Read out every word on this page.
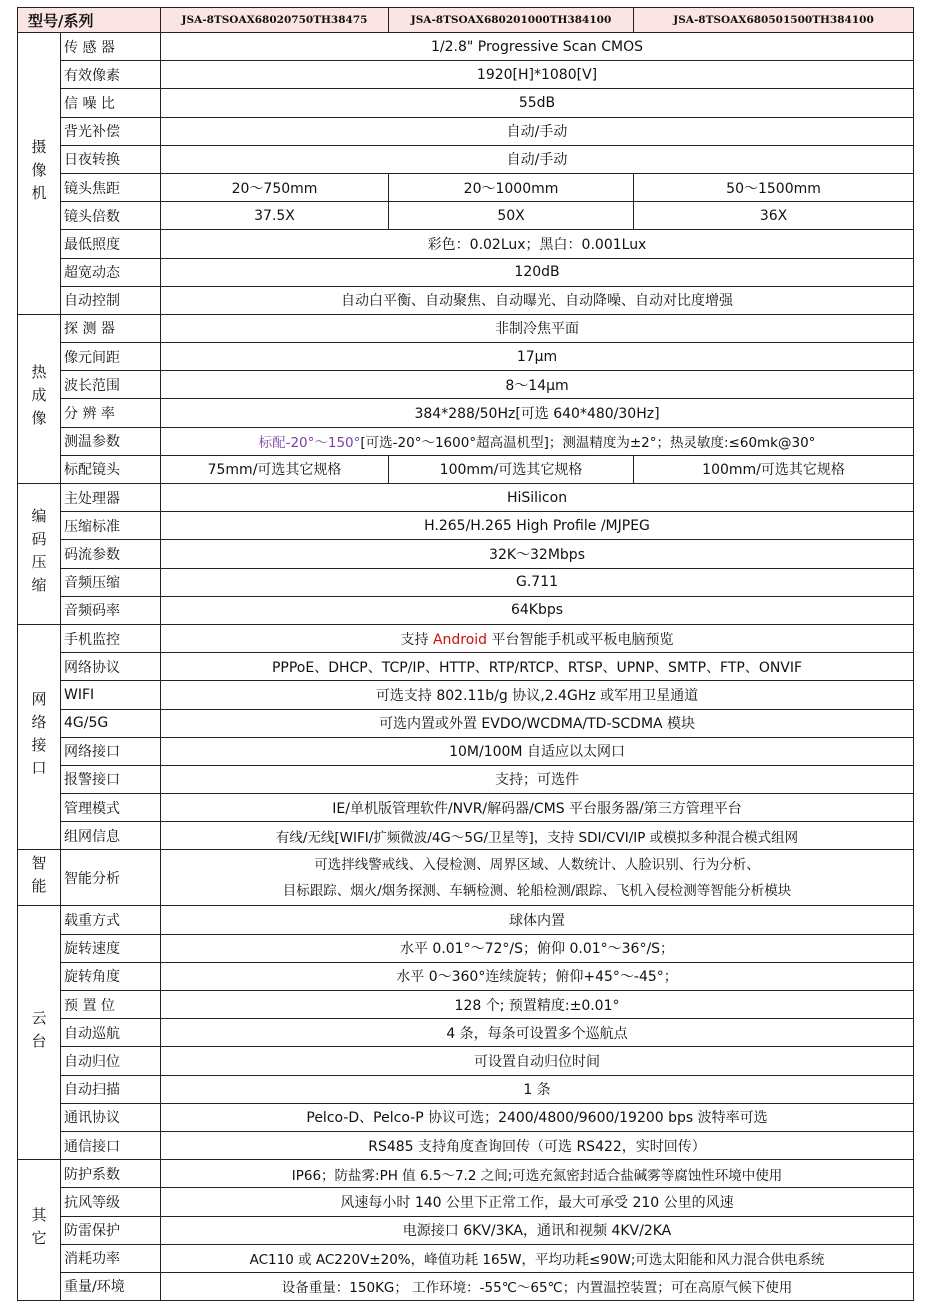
型号/系列		JSA-8TSOAX68020750TH38475	JSA-8TSOAX680201000TH384100	JSA-8TSOAX680501500TH384100
摄像机	传 感 器	1/2.8" Progressive Scan CMOS		
	有效像素	1920[H]*1080[V]		
	信 噪 比	55dB		
	背光补偿	自动/手动		
	日夜转换	自动/手动		
	镜头焦距	20～750mm	20～1000mm	50～1500mm
	镜头倍数	37.5X	50X	36X
	最低照度	彩色：0.02Lux；黑白：0.001Lux		
	超宽动态	120dB		
	自动控制	自动白平衡、自动聚焦、自动曝光、自动降噪、自动对比度增强		
热成像	探 测 器	非制冷焦平面		
	像元间距	17μm		
	波长范围	8～14μm		
	分 辨 率	384*288/50Hz[可选 640*480/30Hz]		
	测温参数	标配-20°～150°[可选-20°～1600°超高温机型]；测温精度为±2°；热灵敏度:≤60mk@30°		
	标配镜头	75mm/可选其它规格	100mm/可选其它规格	100mm/可选其它规格
编码压缩	主处理器	HiSilicon		
	压缩标准	H.265/H.265 High Profile /MJPEG		
	码流参数	32K～32Mbps		
	音频压缩	G.711		
	音频码率	64Kbps		
网络接口	手机监控	支持 Android 平台智能手机或平板电脑预览		
	网络协议	PPPoE、DHCP、TCP/IP、HTTP、RTP/RTCP、RTSP、UPNP、SMTP、FTP、ONVIF		
	WIFI	可选支持 802.11b/g 协议,2.4GHz 或军用卫星通道		
	4G/5G	可选内置或外置 EVDO/WCDMA/TD-SCDMA 模块		
	网络接口	10M/100M 自适应以太网口		
	报警接口	支持；可选件		
	管理模式	IE/单机版管理软件/NVR/解码器/CMS 平台服务器/第三方管理平台		
	组网信息	有线/无线[WIFI/扩频微波/4G～5G/卫星等]，支持 SDI/CVI/IP 或模拟多种混合模式组网		
智能	智能分析	可选拌线警戒线、入侵检测、周界区域、人数统计、人脸识别、行为分析、
目标跟踪、烟火/烟务探测、车辆检测、轮船检测/跟踪、飞机入侵检测等智能分析模块		

云台	载重方式	球体内置		
	旋转速度	水平 0.01°～72°/S；俯仰 0.01°～36°/S；		
	旋转角度	水平 0～360°连续旋转；俯仰+45°～-45°；		
	预 置 位	128 个; 预置精度:±0.01°		
	自动巡航	4 条，每条可设置多个巡航点		
	自动归位	可设置自动归位时间		
	自动扫描	1 条		
	通讯协议	Pelco-D、Pelco-P 协议可选；2400/4800/9600/19200 bps 波特率可选		
	通信接口	RS485 支持角度查询回传（可选 RS422，实时回传）		
其它	防护系数	IP66；防盐雾:PH 值 6.5～7.2 之间;可选充氮密封适合盐碱雾等腐蚀性环境中使用		
	抗风等级	风速每小时 140 公里下正常工作，最大可承受 210 公里的风速		
	防雷保护	电源接口 6KV/3KA，通讯和视频 4KV/2KA		
	消耗功率	AC110 或 AC220V±20%，峰值功耗 165W，平均功耗≤90W;可选太阳能和风力混合供电系统		
	重量/环境	设备重量：150KG； 工作环境：-55℃～65℃；内置温控装置；可在高原气候下使用		
